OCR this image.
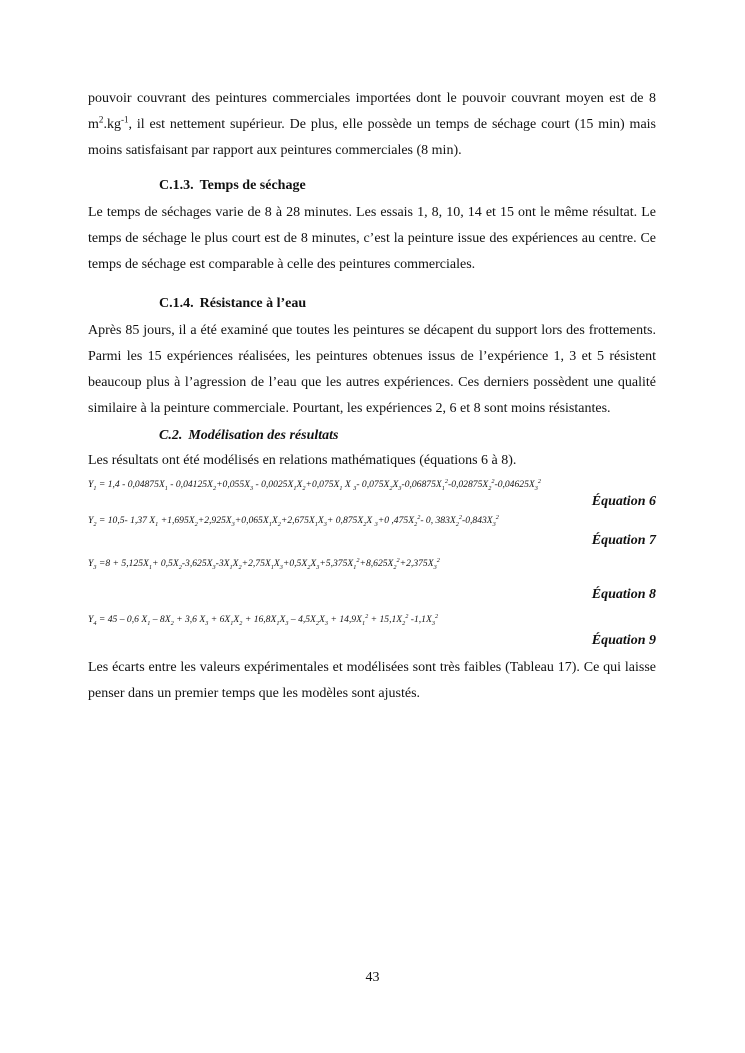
pouvoir couvrant des peintures commerciales importées dont le pouvoir couvrant moyen est de 8 $m^2.kg^{-1}$, il est nettement supérieur. De plus, elle possède un temps de séchage court (15 min) mais moins satisfaisant par rapport aux peintures commerciales (8 min).

C.1.3. Temps de séchage

Le temps de séchages varie de 8 à 28 minutes. Les essais 1, 8, 10, 14 et 15 ont le même résultat. Le temps de séchage le plus court est de 8 minutes, c’est la peinture issue des expériences au centre. Ce temps de séchage est comparable à celle des peintures commerciales.

C.1.4. Résistance à l’eau

Après 85 jours, il a été examiné que toutes les peintures se décapent du support lors des frottements. Parmi les 15 expériences réalisées, les peintures obtenues issus de l’expérience 1, 3 et 5 résistent beaucoup plus à l’agression de l’eau que les autres expériences. Ces derniers possèdent une qualité similaire à la peinture commerciale. Pourtant, les expériences 2, 6 et 8 sont moins résistantes.

C.2. Modélisation des résultats

Les résultats ont été modélisés en relations mathématiques (équations 6 à 8).

$Y_1 = 1,4 - 0,04875X_1 - 0,04125X_2+0,055X_3 - 0,0025X_1X_2+0,075X_1$ X $_3$- $0,075X_2X_3-0,06875X_1^2-0,02875X_2^2-0,04625X_3^2$
Équation 6
$Y_2 = 10,5-$ 1,37 $X_1 +1,695X_2+2,925X_3+0,065X_1X_2+2,675X_1X_3+ 0,875X_2X$ $_3$+0 $,475X_2^2-$ 0, $383X_2^2-0,843X_3^2$
Équation 7
$Y_3 =8 + 5,125X_1+ 0,5X_2-3,625X_3-3X_1X_2+2,75X_1X_3+0,5X_2X_3+5,375X_1^2+8,625X_2^2+2,375X_3^2$
Équation 8
$Y_4 = 45 - 0,6$ $X_1 - 8X_2 + 3,6$ $X_3 + 6X_1X_2 + 16,8X_1X_3 - 4,5X_2X_3 + 14,9X_1^2 + 15,1X_2^2$ $-1,1X_3^2$
Équation 9

Les écarts entre les valeurs expérimentales et modélisées sont très faibles (Tableau 17). Ce qui laisse penser dans un premier temps que les modèles sont ajustés.

43
